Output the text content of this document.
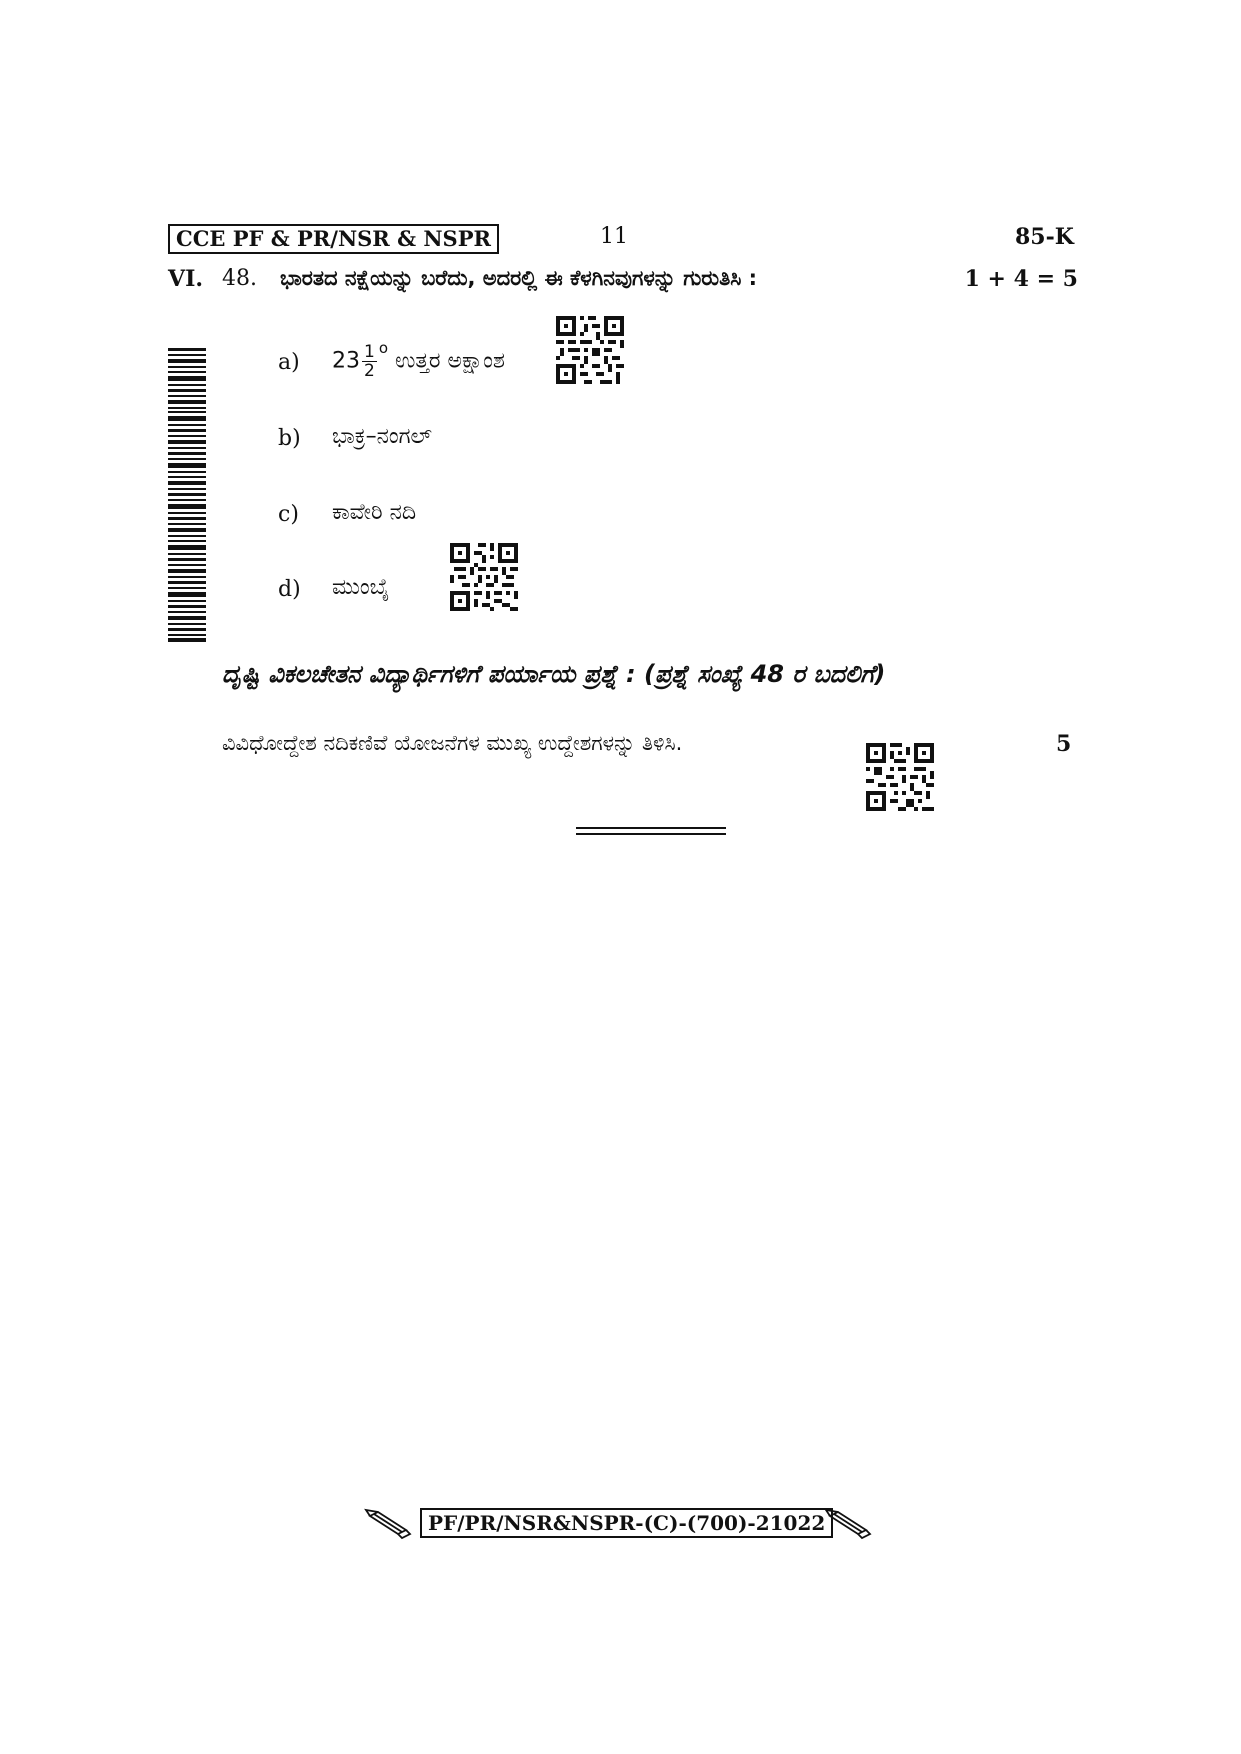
CCE PF & PR/NSR & NSPR	11	85-K
VI. 48. ಭಾರತದ ನಕ್ಷೆಯನ್ನು ಬರೆದು, ಅದರಲ್ಲಿ ಈ ಕೆಳಗಿನವುಗಳನ್ನು ಗುರುತಿಸಿ :	1 + 4 = 5
a) $23 \frac{1}{2} ^o$ ಉತ್ತರ ಅಕ್ಷಾಂಶ
b) ಭಾಕ್ರ–ನಂಗಲ್
c) ಕಾವೇರಿ ನದಿ
d) ಮುಂಬೈ
ದೃಷ್ಟಿ ವಿಕಲಚೇತನ ವಿದ್ಯಾರ್ಥಿಗಳಿಗೆ ಪರ್ಯಾಯ ಪ್ರಶ್ನೆ : (ಪ್ರಶ್ನೆ ಸಂಖ್ಯೆ 48 ರ ಬದಲಿಗೆ)
ವಿವಿಧೋದ್ದೇಶ ನದಿಕಣಿವೆ ಯೋಜನೆಗಳ ಮುಖ್ಯ ಉದ್ದೇಶಗಳನ್ನು ತಿಳಿಸಿ.	5
PF/PR/NSR&NSPR-(C)-(700)-21022
